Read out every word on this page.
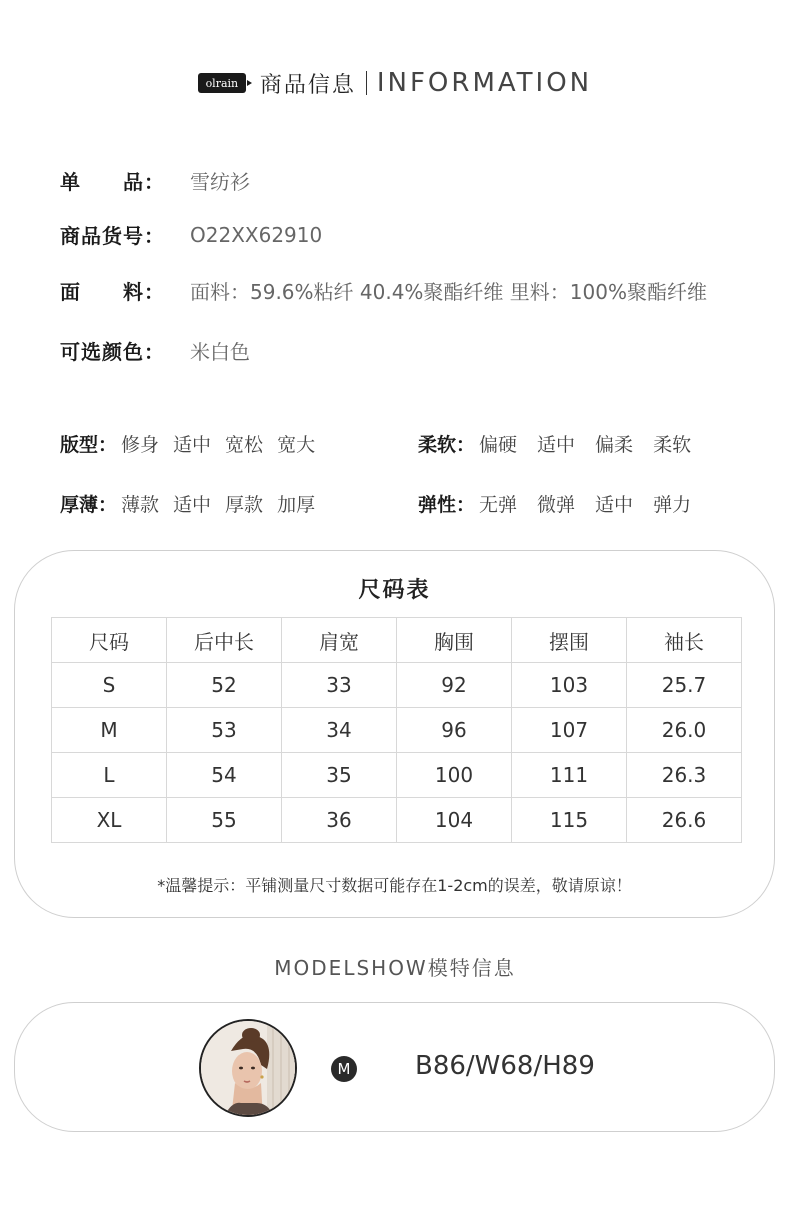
olrain 商品信息 INFORMATION
单　　品：	雪纺衫
商品货号：	O22XX62910
面　　料：	面料：59.6%粘纤 40.4%聚酯纤维 里料：100%聚酯纤维
可选颜色：	米白色
版型： 修身 适中 宽松 宽大	柔软： 偏硬 适中 偏柔 柔软
厚薄： 薄款 适中 厚款 加厚	弹性： 无弹 微弹 适中 弹力
尺码表
尺码	后中长	肩宽	胸围	摆围	袖长
S	52	33	92	103	25.7
M	53	34	96	107	26.0
L	54	35	100	111	26.3
XL	55	36	104	115	26.6
*温馨提示：平铺测量尺寸数据可能存在1-2cm的误差，敬请原谅！
MODELSHOW模特信息
M B86/W68/H89
